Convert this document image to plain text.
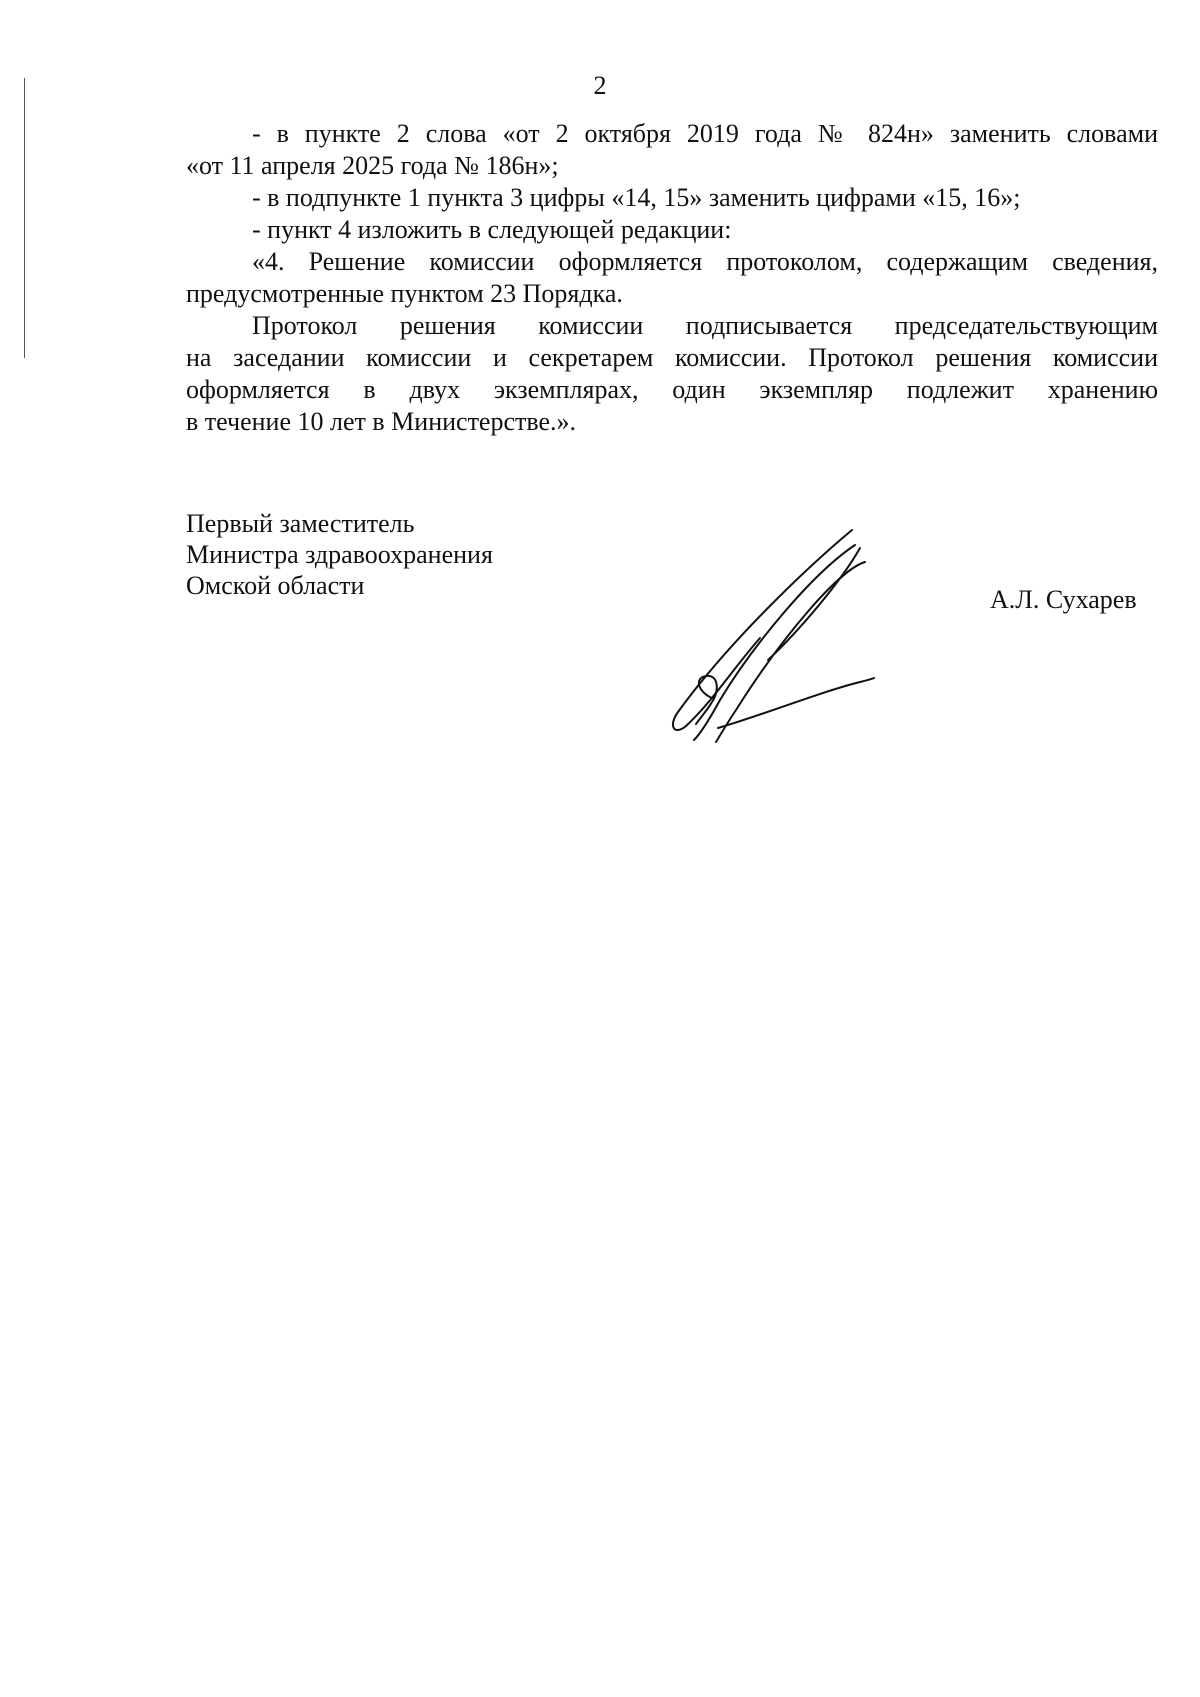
2
- в пункте 2 слова «от 2 октября 2019 года № 824н» заменить словами
«от 11 апреля 2025 года № 186н»;
- в подпункте 1 пункта 3 цифры «14, 15» заменить цифрами «15, 16»;
- пункт 4 изложить в следующей редакции:
«4. Решение комиссии оформляется протоколом, содержащим сведения,
предусмотренные пунктом 23 Порядка.
Протокол решения комиссии подписывается председательствующим
на заседании комиссии и секретарем комиссии. Протокол решения комиссии
оформляется в двух экземплярах, один экземпляр подлежит хранению
в течение 10 лет в Министерстве.».
Первый заместитель
Министра здравоохранения
Омской области	А.Л. Сухарев
